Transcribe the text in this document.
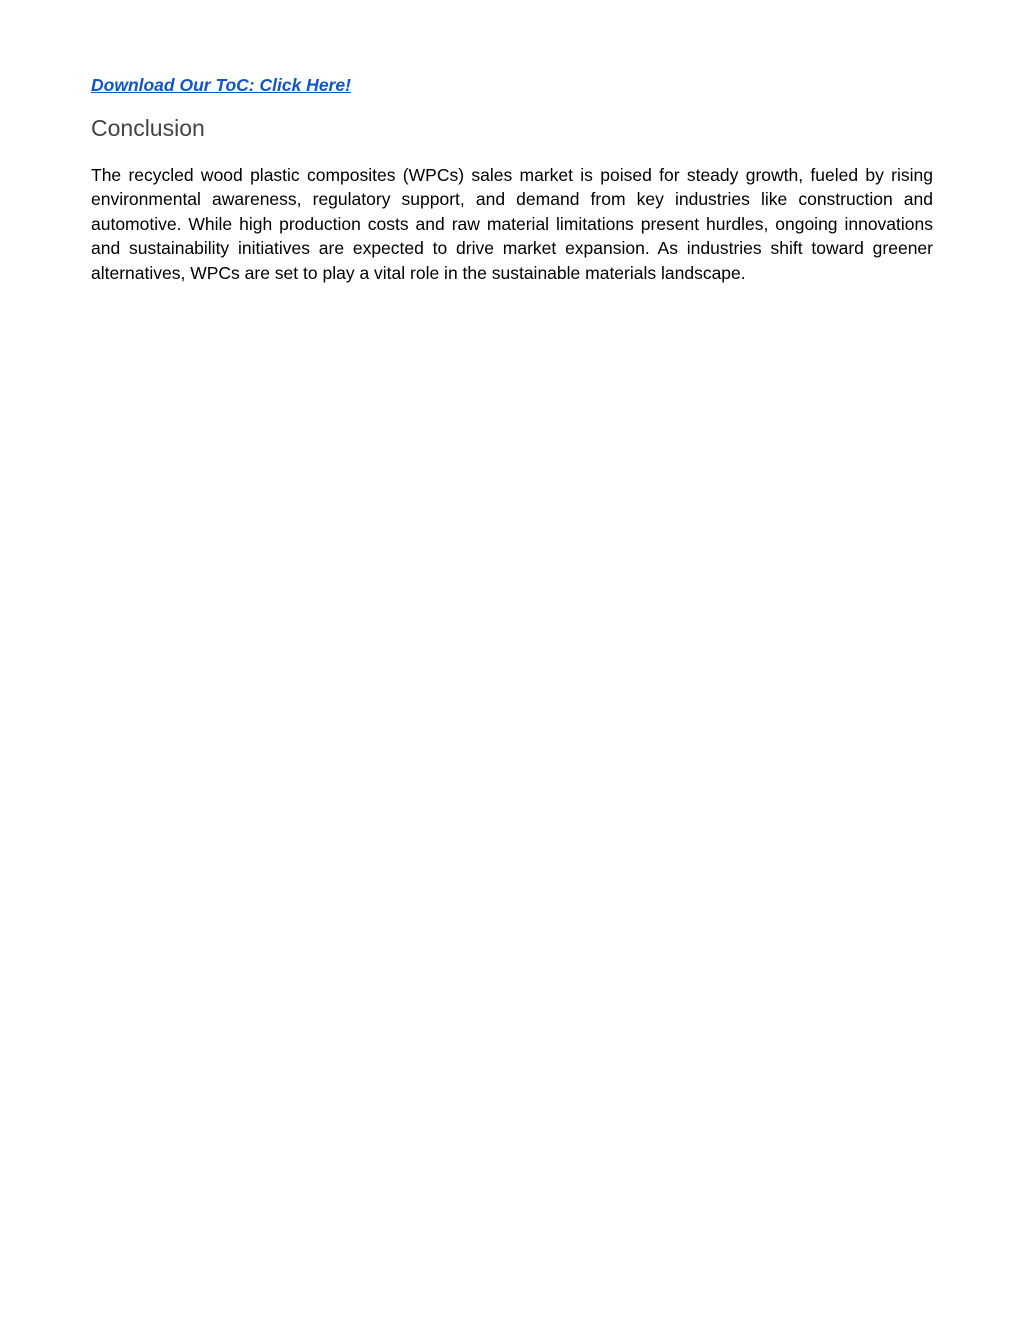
Download Our ToC: Click Here!
Conclusion

The recycled wood plastic composites (WPCs) sales market is poised for steady growth, fueled by rising environmental awareness, regulatory support, and demand from key industries like construction and automotive. While high production costs and raw material limitations present hurdles, ongoing innovations and sustainability initiatives are expected to drive market expansion. As industries shift toward greener alternatives, WPCs are set to play a vital role in the sustainable materials landscape.
